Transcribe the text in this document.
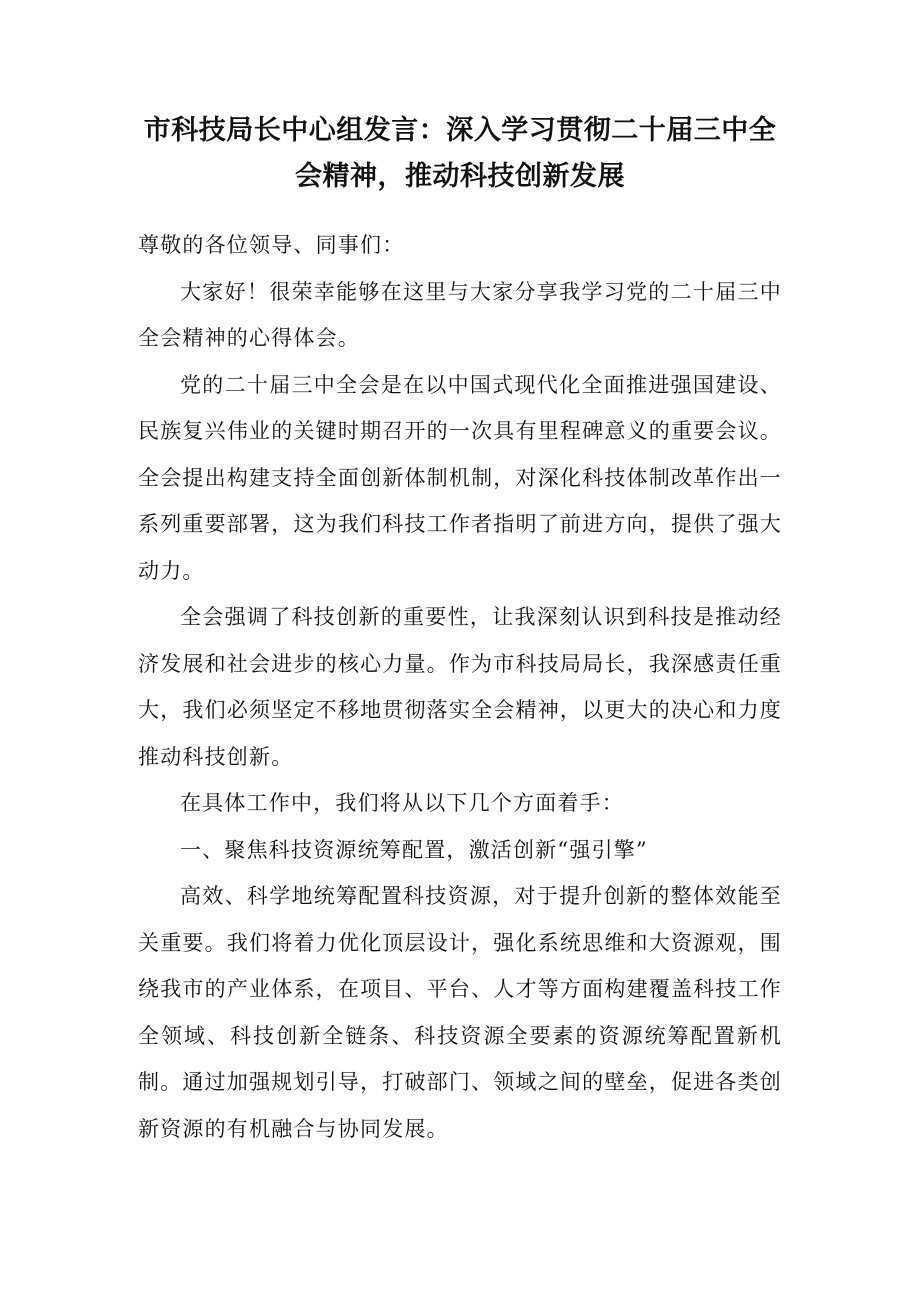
市科技局长中心组发言：深入学习贯彻二十届三中全
会精神，推动科技创新发展

尊敬的各位领导、同事们：

大家好！很荣幸能够在这里与大家分享我学习党的二十届三中全会精神的心得体会。

党的二十届三中全会是在以中国式现代化全面推进强国建设、民族复兴伟业的关键时期召开的一次具有里程碑意义的重要会议。全会提出构建支持全面创新体制机制，对深化科技体制改革作出一系列重要部署，这为我们科技工作者指明了前进方向，提供了强大动力。

全会强调了科技创新的重要性，让我深刻认识到科技是推动经济发展和社会进步的核心力量。作为市科技局局长，我深感责任重大，我们必须坚定不移地贯彻落实全会精神，以更大的决心和力度推动科技创新。

在具体工作中，我们将从以下几个方面着手：

一、聚焦科技资源统筹配置，激活创新“强引擎”

高效、科学地统筹配置科技资源，对于提升创新的整体效能至关重要。我们将着力优化顶层设计，强化系统思维和大资源观，围绕我市的产业体系，在项目、平台、人才等方面构建覆盖科技工作全领域、科技创新全链条、科技资源全要素的资源统筹配置新机制。通过加强规划引导，打破部门、领域之间的壁垒，促进各类创新资源的有机融合与协同发展。
